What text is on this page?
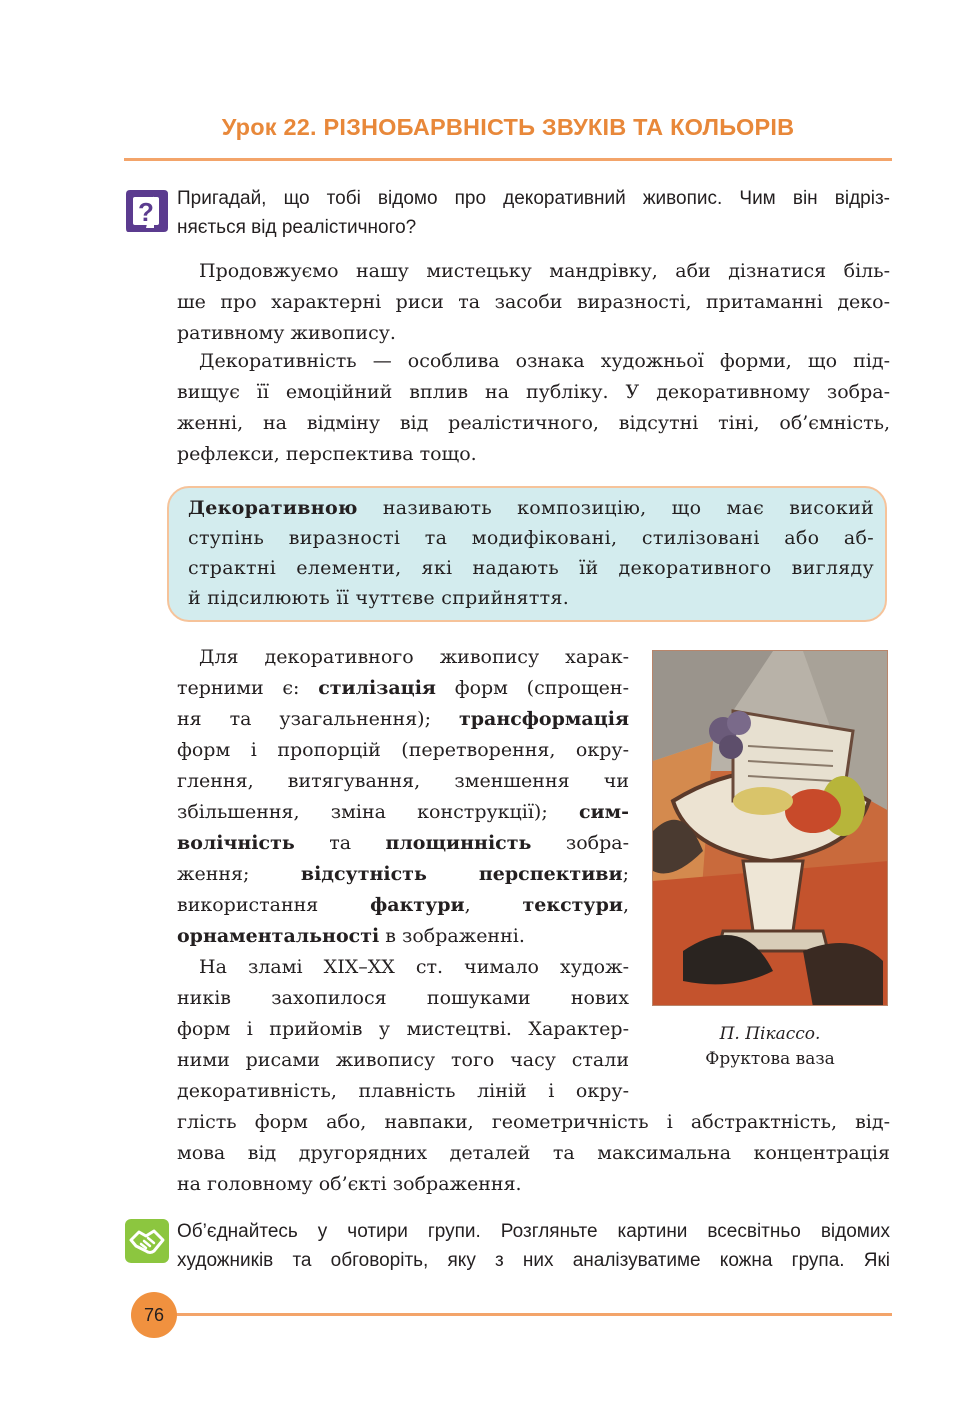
Урок 22. РІЗНОБАРВНІСТЬ ЗВУКІВ ТА КОЛЬОРІВ
? Пригадай, що тобі відомо про декоративний живопис. Чим він відріз-
няється від реалістичного?
Продовжуємо нашу мистецьку мандрівку, аби дізнатися біль-
ше про характерні риси та засоби виразності, притаманні деко-
ративному живопису.
Декоративність — особлива ознака художньої форми, що під-
вищує її емоційний вплив на публіку. У декоративному зобра-
женні, на відміну від реалістичного, відсутні тіні, об’ємність,
рефлекси, перспектива тощо.
Декоративною називають композицію, що має високий
ступінь виразності та модифіковані, стилізовані або аб-
страктні елементи, які надають їй декоративного вигляду
й підсилюють її чуттєве сприйняття.
Для декоративного живопису харак-
терними є: стилізація форм (спрощен-
ня та узагальнення); трансформація
форм і пропорцій (перетворення, окру-
глення, витягування, зменшення чи
збільшення, зміна конструкції); сим-
волічність та площинність зобра-
ження; відсутність перспективи;
використання фактури, текстури,
орнаментальності в зображенні.
На зламі XIX–XX ст. чимало худож-
ників захопилося пошуками нових
форм і прийомів у мистецтві. Характер-
ними рисами живопису того часу стали
декоративність, плавність ліній і окру-
глість форм або, навпаки, геометричність і абстрактність, від-
мова від другорядних деталей та максимальна концентрація
на головному об’єкті зображення.
П. Пікассо.
Фруктова ваза
Об’єднайтесь у чотири групи. Розгляньте картини всесвітньо відомих
художників та обговоріть, яку з них аналізуватиме кожна група. Які
76
